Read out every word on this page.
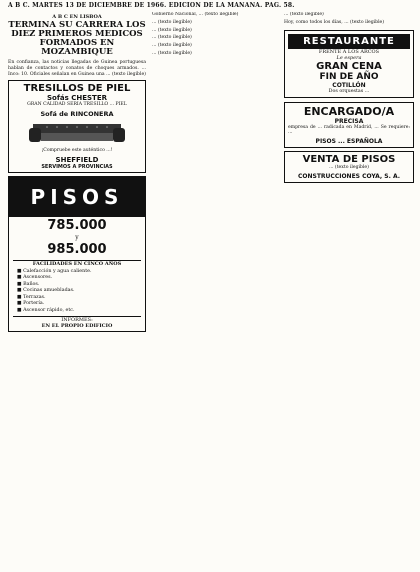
A B C. MARTES 13 DE DICIEMBRE DE 1966. EDICION DE LA MAÑANA. PAG. 58.
A B C EN LISBOA
TERMINA SU CARRERA LOS DIEZ PRIMEROS MEDICOS FORMADOS EN MOZAMBIQUE

En confianza, las noticias llegadas de Guinea portuguesa hablan de contactos y conatos de choques armados. ... Inco: 10. Oficiales señalan en Guinea una ... (texto ilegible)

TRESILLOS DE PIEL
Sofás CHESTER
GRAN CALIDAD SERIA TRESILLO ... PIEL
Sofá de RINCONERA
¡Compruebe este auténtico ...!
SHEFFIELD
SERVIMOS A PROVINCIAS
PISOS
785.000
y
985.000
FACILIDADES EN CINCO AÑOS
■ Calefacción y agua caliente.
■ Ascensores.
■ Baños.
■ Cocinas amuebladas.
■ Terrazas.
■ Portería.
■ Ascensor rápido, etc.
INFORMES:
EN EL PROPIO EDIFICIO

Gobierno Nacional, ... (texto ilegible)

... (texto ilegible)

... (texto ilegible)

... (texto ilegible)

... (texto ilegible)

... (texto ilegible)

... (texto ilegible)

Hoy, como todos los días, ... (texto ilegible)

RESTAURANTE
FRENTE A LOS ARCOS
Le espera
GRAN CENA
FIN DE AÑO
COTILLÓN
Dos orquestas ...
ENCARGADO/A
PRECISA

empresa de ... radicada en Madrid, ... Se requiere: ...

PISOS ... ESPAÑOLA
VENTA DE PISOS
... (texto ilegible)
CONSTRUCCIONES COYA, S. A.
